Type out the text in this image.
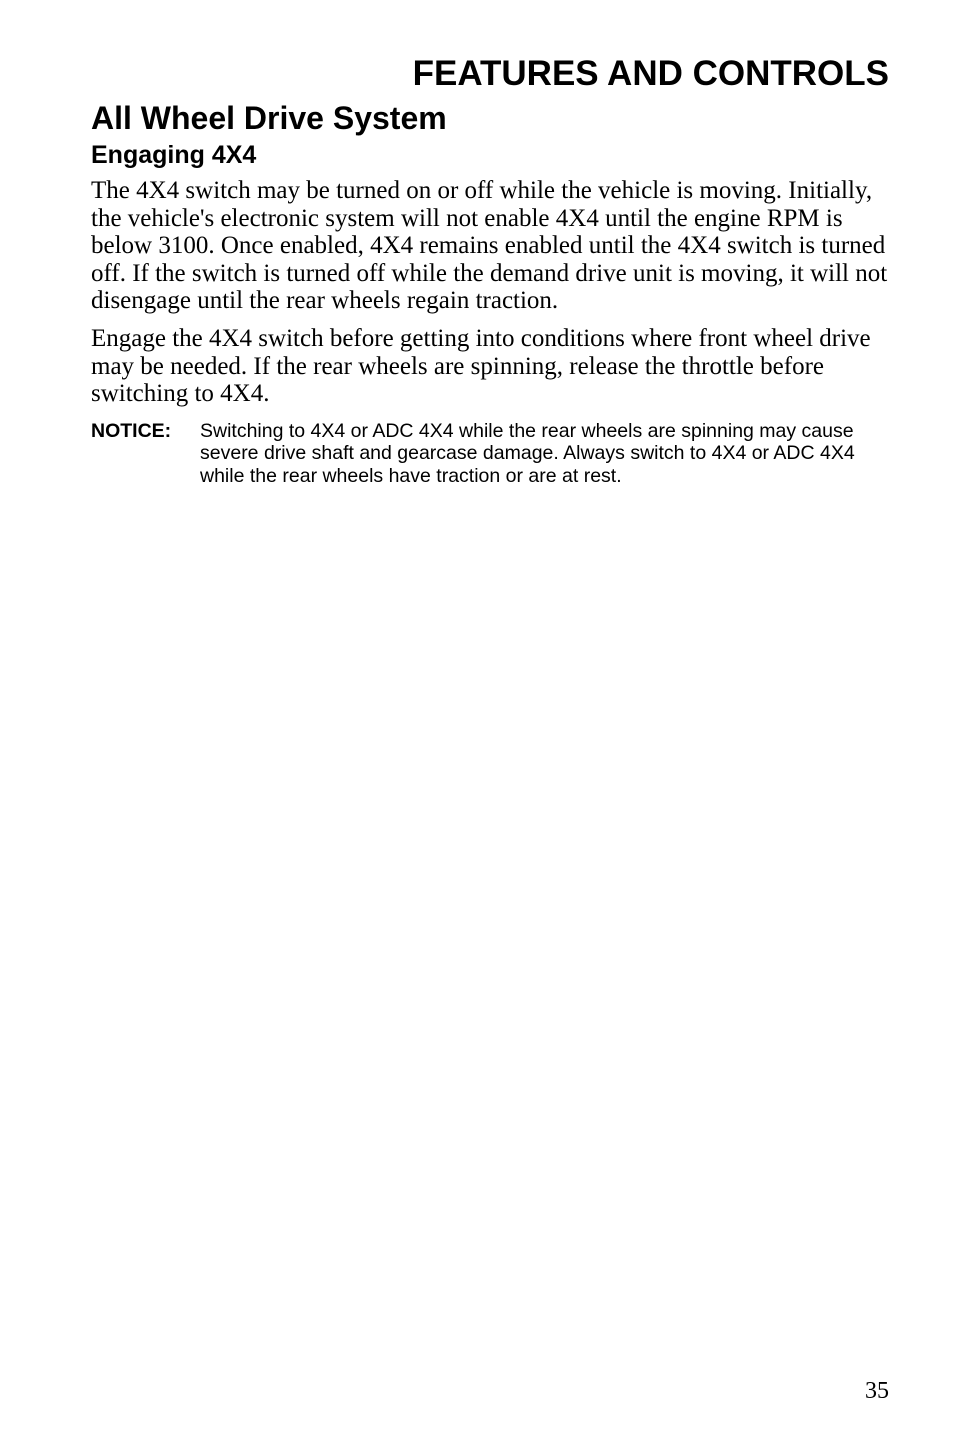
FEATURES AND CONTROLS
All Wheel Drive System
Engaging 4X4

The 4X4 switch may be turned on or off while the vehicle is moving. Initially, the vehicle's electronic system will not enable 4X4 until the engine RPM is below 3100. Once enabled, 4X4 remains enabled until the 4X4 switch is turned off. If the switch is turned off while the demand drive unit is moving, it will not disengage until the rear wheels regain traction.

Engage the 4X4 switch before getting into conditions where front wheel drive may be needed. If the rear wheels are spinning, release the throttle before switching to 4X4.

NOTICE:	Switching to 4X4 or ADC 4X4 while the rear wheels are spinning may cause severe drive shaft and gearcase damage. Always switch to 4X4 or ADC 4X4 while the rear wheels have traction or are at rest.
35
